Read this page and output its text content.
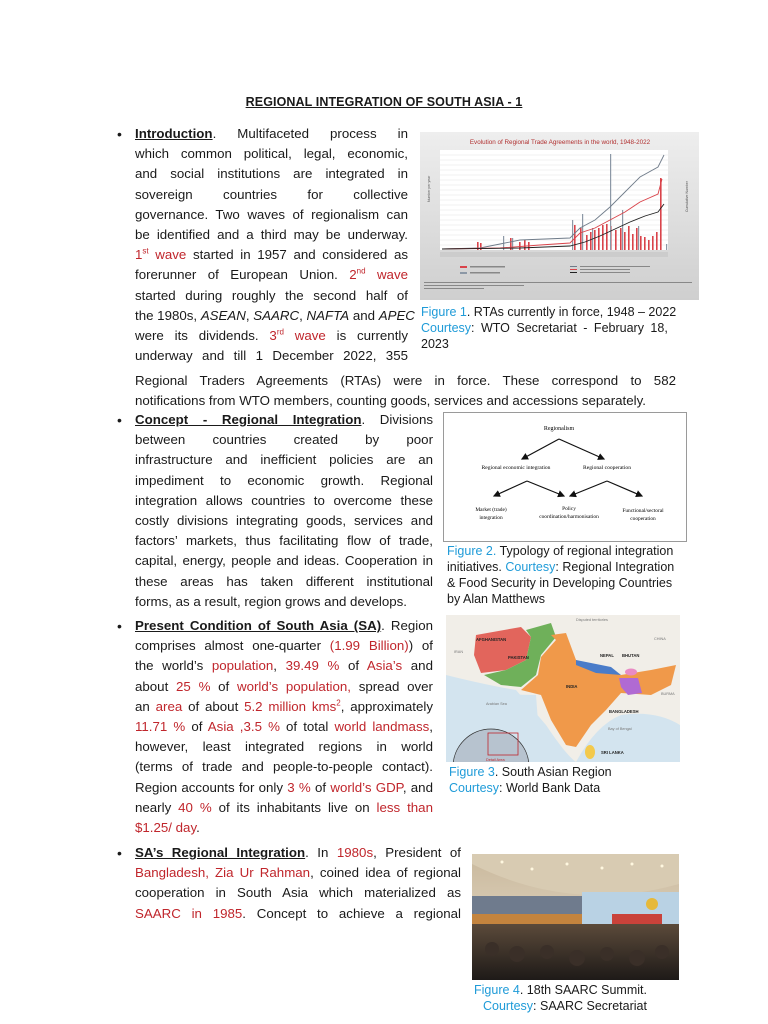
REGIONAL INTEGRATION OF SOUTH ASIA - 1
• Introduction. Multifaceted process in
which common political, legal, economic,
and social institutions are integrated in
sovereign countries for collective
governance. Two waves of regionalism can
be identified and a third may be underway.
1st wave started in 1957 and considered as
forerunner of European Union. 2nd wave
started during roughly the second half of
the 1980s, ASEAN, SAARC, NAFTA and APEC
were its dividends. 3rd wave is currently
underway and till 1 December 2022, 355
Regional Traders Agreements (RTAs) were in force. These correspond to 582
notifications from WTO members, counting goods, services and accessions separately.
Evolution of Regional Trade Agreements in the world, 1948-2022
Number per year	Cumulative Number
Figure 1. RTAs currently in force, 1948 – 2022
Courtesy: WTO Secretariat - February 18,
2023
• Concept - Regional Integration. Divisions
between countries created by poor
infrastructure and inefficient policies are an
impediment to economic growth. Regional
integration allows countries to overcome these
costly divisions integrating goods, services and
factors’ markets, thus facilitating flow of trade,
capital, energy, people and ideas. Cooperation in
these areas has taken different institutional
forms, as a result, region grows and develops.
Regionalism
Regional economic integration	Regional cooperation
Market (trade)
integration
Policy
coordination/harmonisation
Functional/sectoral
cooperation
Figure 2. Typology of regional integration
initiatives. Courtesy: Regional Integration
& Food Security in Developing Countries
by Alan Matthews
• Present Condition of South Asia (SA). Region
comprises almost one-quarter (1.99 Billion)) of
the world’s population, 39.49 % of Asia’s and
about 25 % of world’s population, spread over
an area of about 5.2 million kms$^2$, approximately
11.71 % of Asia ,3.5 % of total world landmass,
however, least integrated regions in world
(terms of trade and people-to-people contact).
Region accounts for only 3 % of world’s GDP, and
nearly 40 % of its inhabitants live on less than
$1.25/ day.
AFGHANISTAN
PAKISTAN
INDIA
NEPAL BHUTAN
BANGLADESH
SRI LANKA
CHINA
IRAN
Disputed territories
Arabian Sea
Bay of Bengal
BURMA
Detail Area
Figure 3. South Asian Region
Courtesy: World Bank Data
• SA’s Regional Integration. In 1980s, President of
Bangladesh, Zia Ur Rahman, coined idea of regional
cooperation in South Asia which materialized as
SAARC in 1985. Concept to achieve a regional
Figure 4. 18th SAARC Summit.
Courtesy: SAARC Secretariat
